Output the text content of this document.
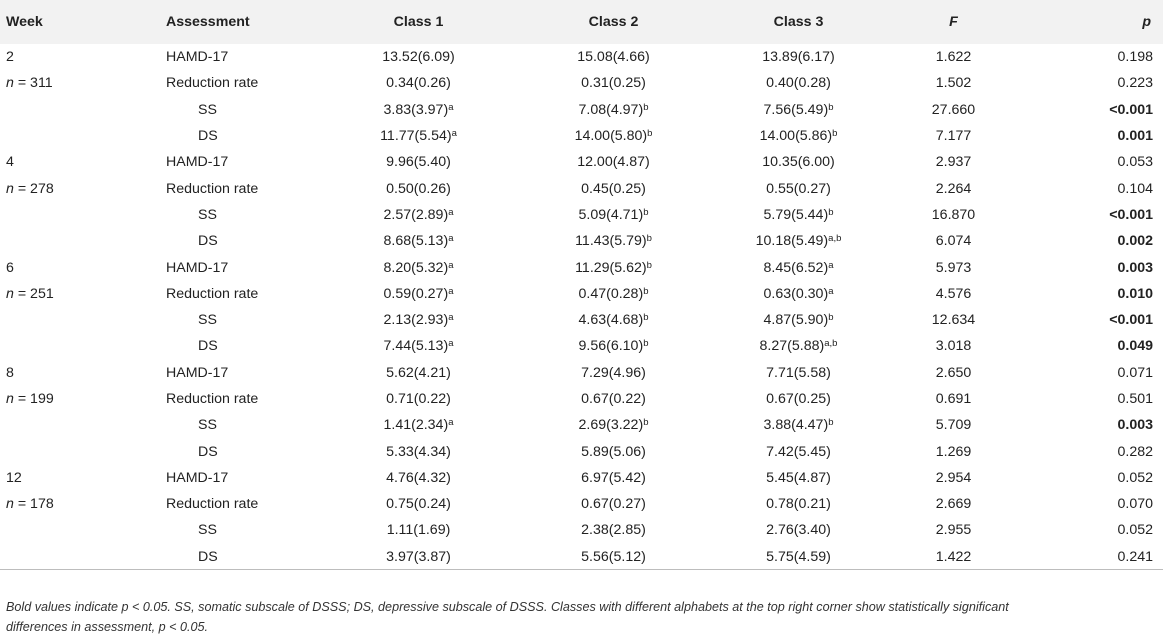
Week	Assessment	Class 1	Class 2	Class 3	F	p
2	HAMD-17	13.52(6.09)	15.08(4.66)	13.89(6.17)	1.622	0.198
n = 311	Reduction rate	0.34(0.26)	0.31(0.25)	0.40(0.28)	1.502	0.223
	SS	$3.83(3.97)^a$	$7.08(4.97)^b$	$7.56(5.49)^b$	27.660	<0.001
	DS	$11.77(5.54)^a$	$14.00(5.80)^b$	$14.00(5.86)^b$	7.177	0.001
4	HAMD-17	9.96(5.40)	12.00(4.87)	10.35(6.00)	2.937	0.053
n = 278	Reduction rate	0.50(0.26)	0.45(0.25)	0.55(0.27)	2.264	0.104
	SS	$2.57(2.89)^a$	$5.09(4.71)^b$	$5.79(5.44)^b$	16.870	<0.001
	DS	$8.68(5.13)^a$	$11.43(5.79)^b$	$10.18(5.49)^{a,b}$	6.074	0.002
6	HAMD-17	$8.20(5.32)^a$	$11.29(5.62)^b$	$8.45(6.52)^a$	5.973	0.003
n = 251	Reduction rate	$0.59(0.27)^a$	$0.47(0.28)^b$	$0.63(0.30)^a$	4.576	0.010
	SS	$2.13(2.93)^a$	$4.63(4.68)^b$	$4.87(5.90)^b$	12.634	<0.001
	DS	$7.44(5.13)^a$	$9.56(6.10)^b$	$8.27(5.88)^{a,b}$	3.018	0.049
8	HAMD-17	5.62(4.21)	7.29(4.96)	7.71(5.58)	2.650	0.071
n = 199	Reduction rate	0.71(0.22)	0.67(0.22)	0.67(0.25)	0.691	0.501
	SS	$1.41(2.34)^a$	$2.69(3.22)^b$	$3.88(4.47)^b$	5.709	0.003
	DS	5.33(4.34)	5.89(5.06)	7.42(5.45)	1.269	0.282
12	HAMD-17	4.76(4.32)	6.97(5.42)	5.45(4.87)	2.954	0.052
n = 178	Reduction rate	0.75(0.24)	0.67(0.27)	0.78(0.21)	2.669	0.070
	SS	1.11(1.69)	2.38(2.85)	2.76(3.40)	2.955	0.052
	DS	3.97(3.87)	5.56(5.12)	5.75(4.59)	1.422	0.241
Bold values indicate p < 0.05. SS, somatic subscale of DSSS; DS, depressive subscale of DSSS. Classes with different alphabets at the top right corner show statistically significant
differences in assessment, p < 0.05.
